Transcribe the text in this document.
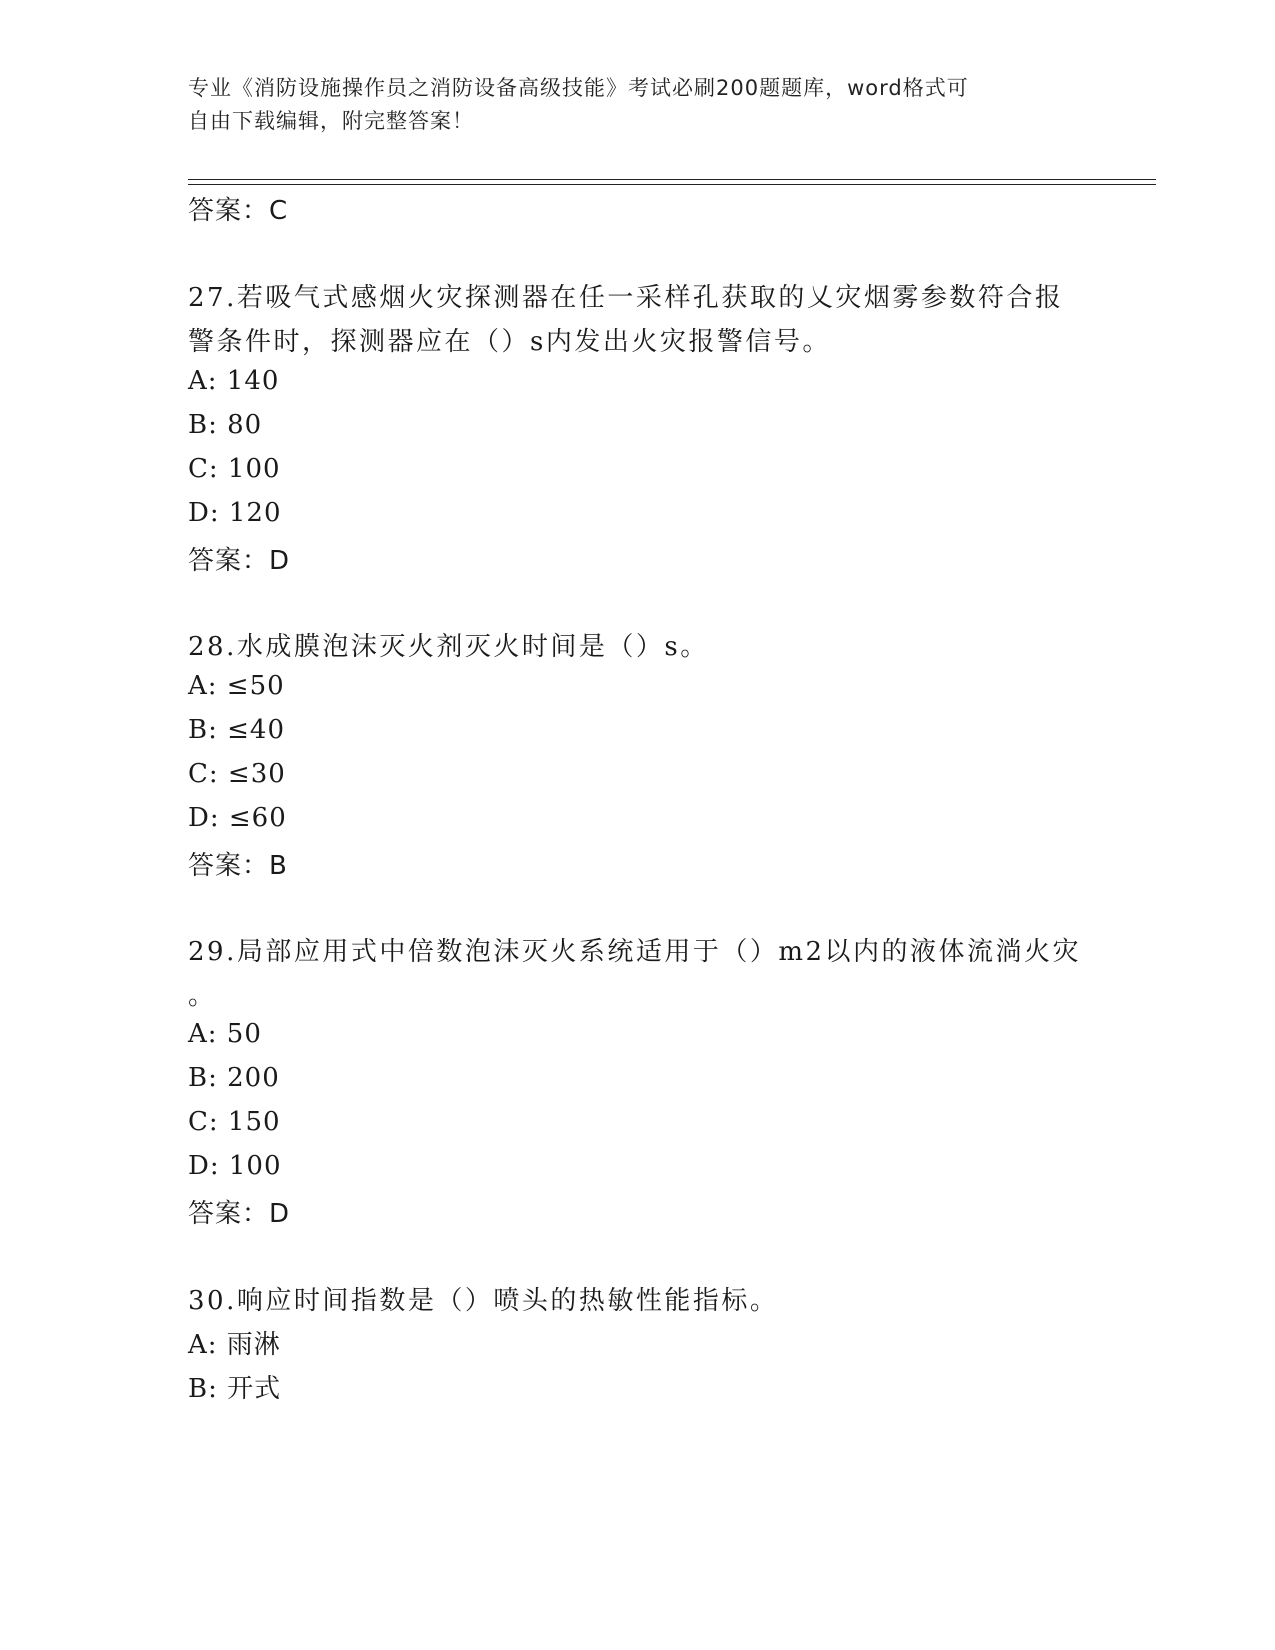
专业《消防设施操作员之消防设备高级技能》考试必刷200题题库，word格式可
自由下载编辑，附完整答案！
答案：C
27.若吸气式感烟火灾探测器在任一采样孔获取的乂灾烟雾参数符合报
警条件时，探测器应在（）s内发出火灾报警信号。
A: 140
B: 80
C: 100
D: 120
答案：D
28.水成膜泡沫灭火剂灭火时间是（）s。
A: ≤50
B: ≤40
C: ≤30
D: ≤60
答案：B
29.局部应用式中倍数泡沫灭火系统适用于（）m2以内的液体流淌火灾
。
A: 50
B: 200
C: 150
D: 100
答案：D
30.响应时间指数是（）喷头的热敏性能指标。
A: 雨淋
B: 开式
